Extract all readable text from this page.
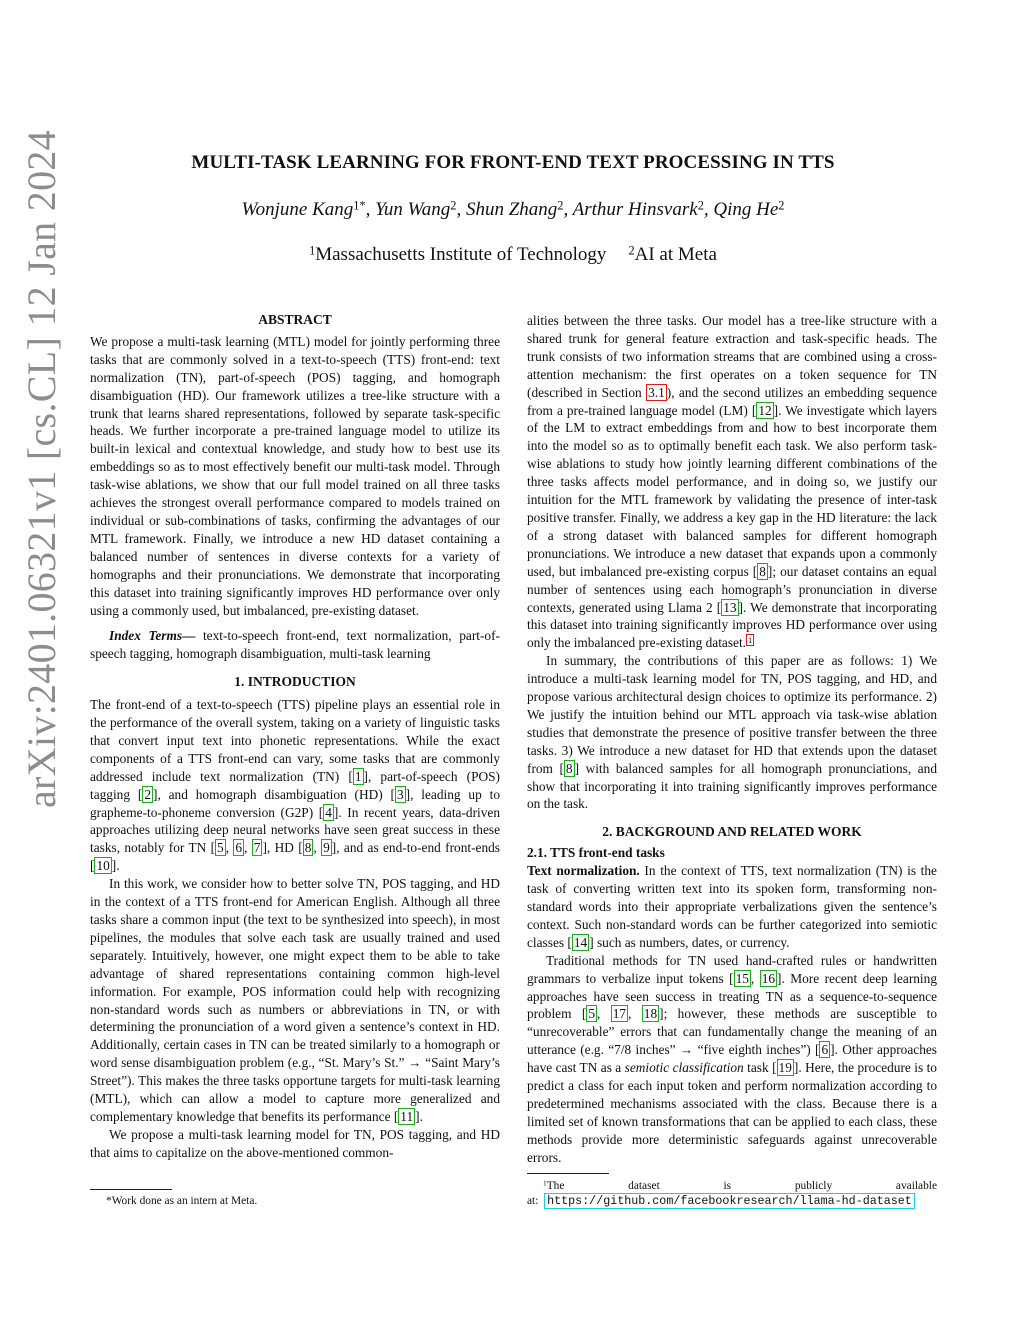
arXiv:2401.06321v1 [cs.CL] 12 Jan 2024	MULTI-TASK LEARNING FOR FRONT-END TEXT PROCESSING IN TTS
Wonjune Kang$^{1*}$, Yun Wang$^2$, Shun Zhang$^2$, Arthur Hinsvark$^2$, Qing He$^2$
$^1$Massachusetts Institute of Technology $^2$AI at Meta

ABSTRACT

We propose a multi-task learning (MTL) model for jointly performing three tasks that are commonly solved in a text-to-speech (TTS) front-end: text normalization (TN), part-of-speech (POS) tagging, and homograph disambiguation (HD). Our framework utilizes a tree-like structure with a trunk that learns shared representations, followed by separate task-specific heads. We further incorporate a pre-trained language model to utilize its built-in lexical and contextual knowledge, and study how to best use its embeddings so as to most effectively benefit our multi-task model. Through task-wise ablations, we show that our full model trained on all three tasks achieves the strongest overall performance compared to models trained on individual or sub-combinations of tasks, confirming the advantages of our MTL framework. Finally, we introduce a new HD dataset containing a balanced number of sentences in diverse contexts for a variety of homographs and their pronunciations. We demonstrate that incorporating this dataset into training significantly improves HD performance over only using a commonly used, but imbalanced, pre-existing dataset.

Index Terms— text-to-speech front-end, text normalization, part-of-speech tagging, homograph disambiguation, multi-task learning

1. INTRODUCTION

The front-end of a text-to-speech (TTS) pipeline plays an essential role in the performance of the overall system, taking on a variety of linguistic tasks that convert input text into phonetic representations. While the exact components of a TTS front-end can vary, some tasks that are commonly addressed include text normalization (TN) [ 1 ], part-of-speech (POS) tagging [ 2 ], and homograph disambiguation (HD) [ 3 ], leading up to grapheme-to-phoneme conversion (G2P) [ 4 ]. In recent years, data-driven approaches utilizing deep neural networks have seen great success in these tasks, notably for TN [ 5 , 6 , 7 ], HD [ 8 , 9 ], and as end-to-end front-ends [ 10 ].

In this work, we consider how to better solve TN, POS tagging, and HD in the context of a TTS front-end for American English. Although all three tasks share a common input (the text to be synthesized into speech), in most pipelines, the modules that solve each task are usually trained and used separately. Intuitively, however, one might expect them to be able to take advantage of shared representations containing common high-level information. For example, POS information could help with recognizing non-standard words such as numbers or abbreviations in TN, or with determining the pronunciation of a word given a sentence’s context in HD. Additionally, certain cases in TN can be treated similarly to a homograph or word sense disambiguation problem (e.g., “St. Mary’s St.” → “Saint Mary’s Street”). This makes the three tasks opportune targets for multi-task learning (MTL), which can allow a model to capture more generalized and complementary knowledge that benefits its performance [ 11 ].

We propose a multi-task learning model for TN, POS tagging, and HD that aims to capitalize on the above-mentioned common-

alities between the three tasks. Our model has a tree-like structure with a shared trunk for general feature extraction and task-specific heads. The trunk consists of two information streams that are combined using a cross-attention mechanism: the first operates on a token sequence for TN (described in Section 3.1 ), and the second utilizes an embedding sequence from a pre-trained language model (LM) [ 12 ]. We investigate which layers of the LM to extract embeddings from and how to best incorporate them into the model so as to optimally benefit each task. We also perform task-wise ablations to study how jointly learning different combinations of the three tasks affects model performance, and in doing so, we justify our intuition for the MTL framework by validating the presence of inter-task positive transfer. Finally, we address a key gap in the HD literature: the lack of a strong dataset with balanced samples for different homograph pronunciations. We introduce a new dataset that expands upon a commonly used, but imbalanced pre-existing corpus [ 8 ]; our dataset contains an equal number of sentences using each homograph’s pronunciation in diverse contexts, generated using Llama 2 [ 13 ]. We demonstrate that incorporating this dataset into training significantly improves HD performance over using only the imbalanced pre-existing dataset. $^1$

In summary, the contributions of this paper are as follows: 1) We introduce a multi-task learning model for TN, POS tagging, and HD, and propose various architectural design choices to optimize its performance. 2) We justify the intuition behind our MTL approach via task-wise ablation studies that demonstrate the presence of positive transfer between the three tasks. 3) We introduce a new dataset for HD that extends upon the dataset from [ 8 ] with balanced samples for all homograph pronunciations, and show that incorporating it into training significantly improves performance on the task.

2. BACKGROUND AND RELATED WORK

2.1. TTS front-end tasks

Text normalization. In the context of TTS, text normalization (TN) is the task of converting written text into its spoken form, transforming non-standard words into their appropriate verbalizations given the sentence’s context. Such non-standard words can be further categorized into semiotic classes [ 14 ] such as numbers, dates, or currency.

Traditional methods for TN used hand-crafted rules or handwritten grammars to verbalize input tokens [ 15 , 16 ]. More recent deep learning approaches have seen success in treating TN as a sequence-to-sequence problem [ 5 , 17 , 18 ]; however, these methods are susceptible to “unrecoverable” errors that can fundamentally change the meaning of an utterance (e.g. “7/8 inches” → “five eighth inches”) [ 6 ]. Other approaches have cast TN as a semiotic classification task [ 19 ]. Here, the procedure is to predict a class for each input token and perform normalization according to predetermined mechanisms associated with the class. Because there is a limited set of known transformations that can be applied to each class, these methods provide more deterministic safeguards against unrecoverable errors.

*Work done as an intern at Meta.
$^1$The dataset is publicly available at: https://github.com/facebookresearch/llama-hd-dataset
